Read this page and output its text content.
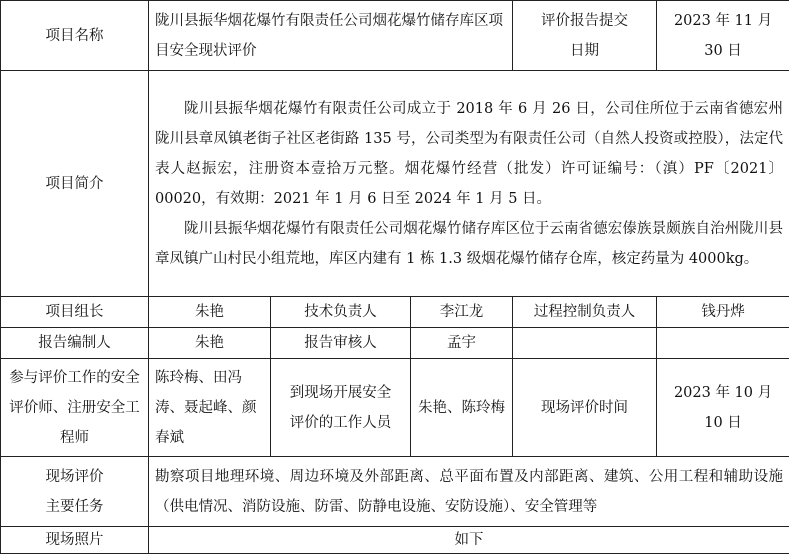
项目名称	陇川县振华烟花爆竹有限责任公司烟花爆竹储存库区项目安全现状评价			评价报告提交日期	2023 年 11 月 30 日
项目简介	陇川县振华烟花爆竹有限责任公司成立于 2018 年 6 月 26 日，公司住所位于云南省德宏州陇川县章凤镇老街子社区老街路 135 号，公司类型为有限责任公司（自然人投资或控股），法定代表人赵振宏，注册资本壹拾万元整。烟花爆竹经营（批发）许可证编号：（滇）PF〔2021〕00020，有效期：2021 年 1 月 6 日至 2024 年 1 月 5 日。

陇川县振华烟花爆竹有限责任公司烟花爆竹储存库区位于云南省德宏傣族景颇族自治州陇川县章凤镇广山村民小组荒地，库区内建有 1 栋 1.3 级烟花爆竹储存仓库，核定药量为 4000kg。				

项目组长	朱艳	技术负责人	李江龙	过程控制负责人	钱丹烨
报告编制人	朱艳	报告审核人	孟宇		
参与评价工作的安全评价师、注册安全工程师	陈玲梅、田冯涛、聂起峰、颜春斌	到现场开展安全评价的工作人员	朱艳、陈玲梅	现场评价时间	2023 年 10 月 10 日
现场评价主要任务	勘察项目地理环境、周边环境及外部距离、总平面布置及内部距离、建筑、公用工程和辅助设施（供电情况、消防设施、防雷、防静电设施、安防设施）、安全管理等				
现场照片	如下				
